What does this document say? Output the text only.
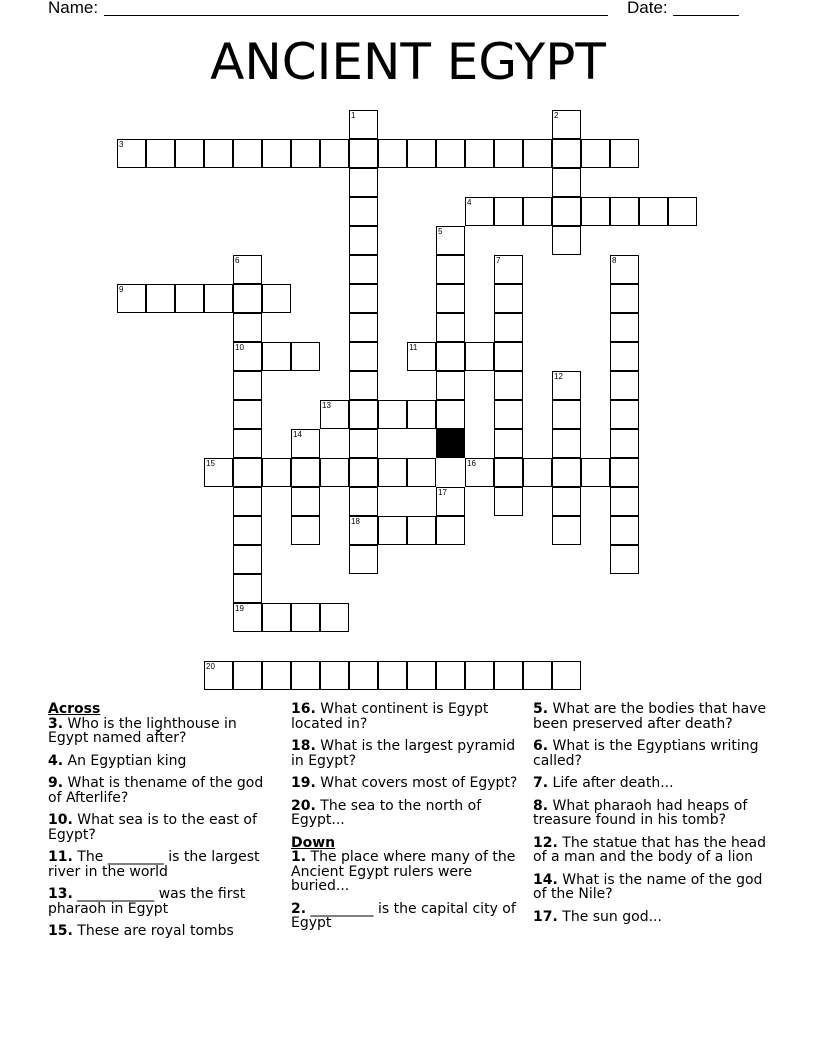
Name:	Date:
ANCIENT EGYPT
3
4
9
10	11
13
15	16
18
19
20
1	2
5
6	7	8
12
14
17
Across
3. Who is the lighthouse in Egypt named after?
4. An Egyptian king
9. What is thename of the god of Afterlife?
10. What sea is to the east of Egypt?
11. The ________ is the largest river in the world
13. ___________ was the first pharaoh in Egypt
15. These are royal tombs
16. What continent is Egypt located in?
18. What is the largest pyramid in Egypt?
19. What covers most of Egypt?
20. The sea to the north of Egypt...
Down
1. The place where many of the Ancient Egypt rulers were buried...
2. _________ is the capital city of Egypt
5. What are the bodies that have been preserved after death?
6. What is the Egyptians writing called?
7. Life after death...
8. What pharaoh had heaps of treasure found in his tomb?
12. The statue that has the head of a man and the body of a lion
14. What is the name of the god of the Nile?
17. The sun god...
